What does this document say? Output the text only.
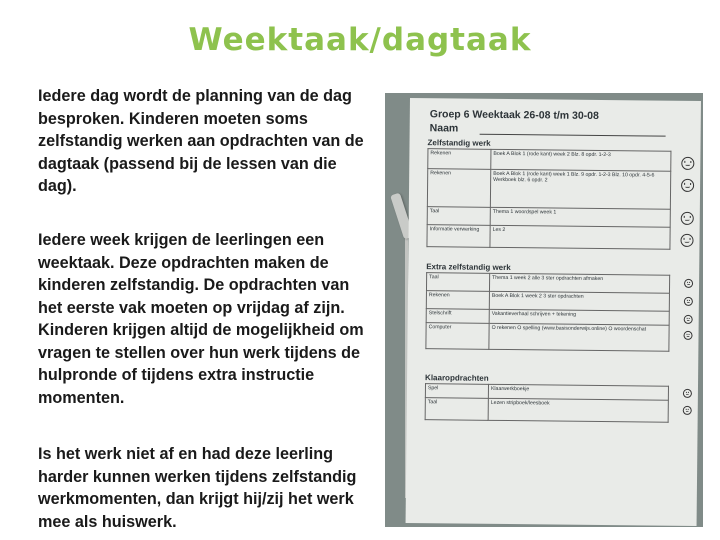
Weektaak/dagtaak

Iedere dag wordt de planning van de dag besproken. Kinderen moeten soms zelfstandig werken aan opdrachten van de dagtaak (passend bij de lessen van die dag).

Iedere week krijgen de leerlingen een weektaak. Deze opdrachten maken de kinderen zelfstandig. De opdrachten van het eerste vak moeten op vrijdag af zijn. Kinderen krijgen altijd de mogelijkheid om vragen te stellen over hun werk tijdens de hulpronde of tijdens extra instructie momenten.

Is het werk niet af en had deze leerling harder kunnen werken tijdens zelfstandig werkmomenten, dan krijgt hij/zij het werk mee als huiswerk.

Groep 6 Weektaak 26-08 t/m 30-08
Naam
Zelfstandig werk
Rekenen	Boek A Blok 1 (rode kant) week 2 Blz. 8 opdr. 1-2-3
Rekenen	Boek A Blok 1 (rode kant) week 1 Blz. 9 opdr. 1-2-3 Blz. 10 opdr. 4-5-6 Werkboek blz. 6 opdr. 2
Taal	Thema 1 woordspel week 1
Informatie verwerking	Les 2
Extra zelfstandig werk
Taal	Thema 1 week 2 alle 3 ster opdrachten afmaken
Rekenen	Boek A Blok 1 week 2 3 ster opdrachten
Stelschrift	Vakantieverhaal schrijven + tekening
Computer	O rekenen O spelling (www.basisonderwijs.online) O woordenschat
Klaaropdrachten
Spel	Klaarwerkboekje
Taal	Lezen stripboek/leesboek
